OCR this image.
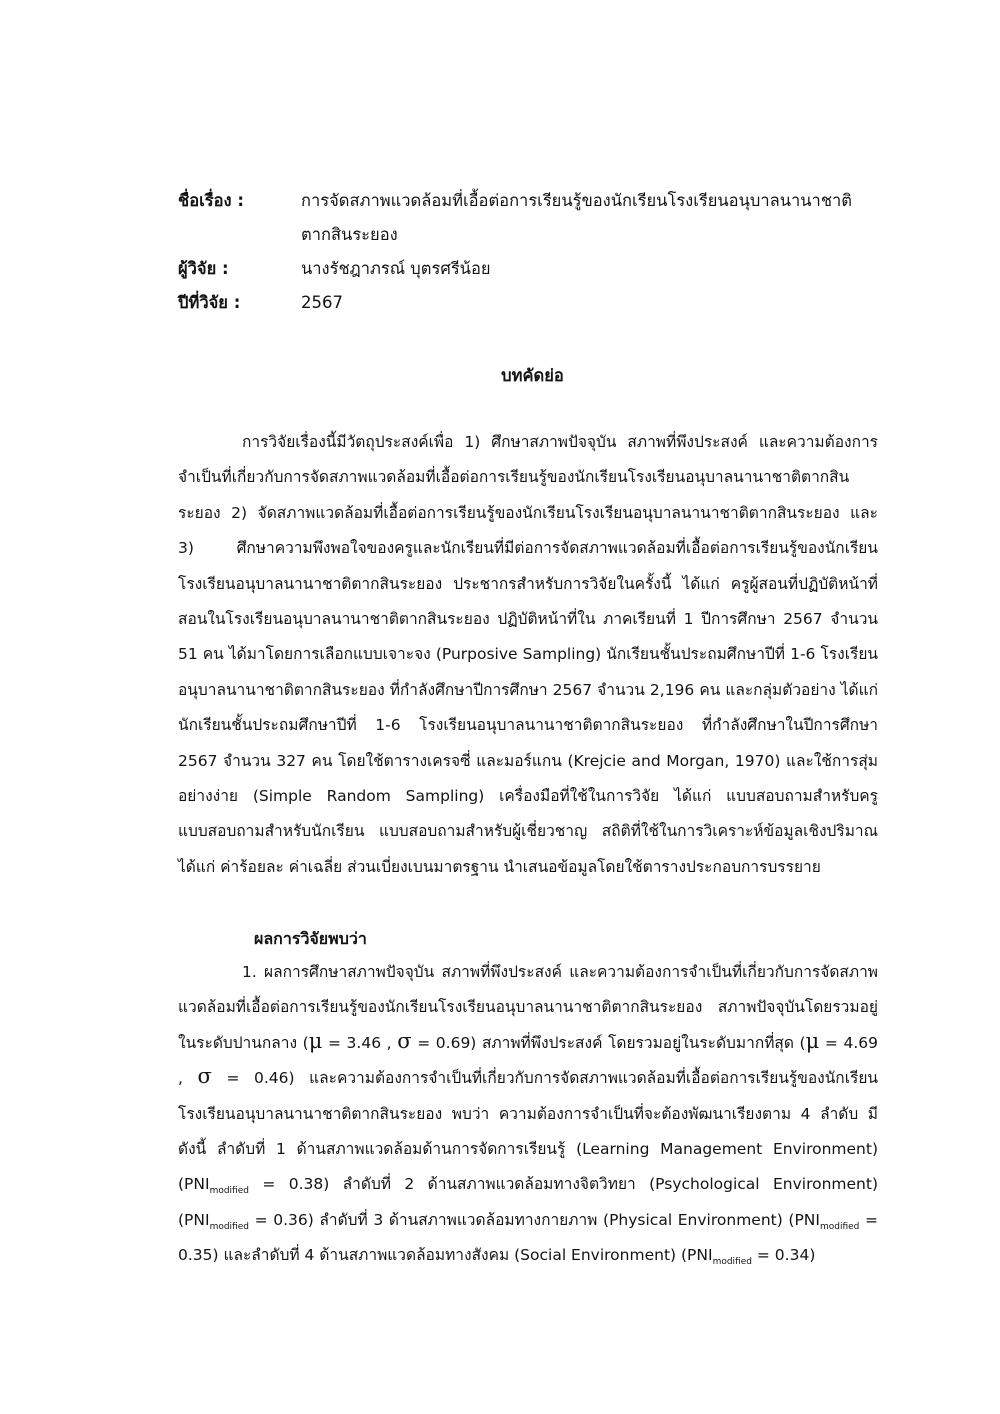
ชื่อเรื่อง :	การจัดสภาพแวดล้อมที่เอื้อต่อการเรียนรู้ของนักเรียนโรงเรียนอนุบาลนานาชาติ
ตากสินระยอง
ผู้วิจัย :	นางรัชฎาภรณ์ บุตรศรีน้อย
ปีที่วิจัย :	2567
บทคัดย่อ

การวิจัยเรื่องนี้มีวัตถุประสงค์เพื่อ 1) ศึกษาสภาพปัจจุบัน สภาพที่พึงประสงค์ และความต้องการจำเป็นที่เกี่ยวกับการจัดสภาพแวดล้อมที่เอื้อต่อการเรียนรู้ของนักเรียนโรงเรียนอนุบาลนานาชาติตากสินระยอง 2) จัดสภาพแวดล้อมที่เอื้อต่อการเรียนรู้ของนักเรียนโรงเรียนอนุบาลนานาชาติตากสินระยอง และ 3) ศึกษาความพึงพอใจของครูและนักเรียนที่มีต่อการจัดสภาพแวดล้อมที่เอื้อต่อการเรียนรู้ของนักเรียนโรงเรียนอนุบาลนานาชาติตากสินระยอง ประชากรสำหรับการวิจัยในครั้งนี้ ได้แก่ ครูผู้สอนที่ปฏิบัติหน้าที่สอนในโรงเรียนอนุบาลนานาชาติตากสินระยอง ปฏิบัติหน้าที่ใน ภาคเรียนที่ 1 ปีการศึกษา 2567 จำนวน 51 คน ได้มาโดยการเลือกแบบเจาะจง (Purposive Sampling) นักเรียนชั้นประถมศึกษาปีที่ 1-6 โรงเรียนอนุบาลนานาชาติตากสินระยอง ที่กำลังศึกษาปีการศึกษา 2567 จำนวน 2,196 คน และกลุ่มตัวอย่าง ได้แก่ นักเรียนชั้นประถมศึกษาปีที่ 1-6 โรงเรียนอนุบาลนานาชาติตากสินระยอง ที่กำลังศึกษาในปีการศึกษา 2567 จำนวน 327 คน โดยใช้ตารางเครจซี่ และมอร์แกน (Krejcie and Morgan, 1970) และใช้การสุ่มอย่างง่าย (Simple Random Sampling) เครื่องมือที่ใช้ในการวิจัย ได้แก่ แบบสอบถามสำหรับครู แบบสอบถามสำหรับนักเรียน แบบสอบถามสำหรับผู้เชี่ยวชาญ สถิติที่ใช้ในการวิเคราะห์ข้อมูลเชิงปริมาณ ได้แก่ ค่าร้อยละ ค่าเฉลี่ย ส่วนเบี่ยงเบนมาตรฐาน นำเสนอข้อมูลโดยใช้ตารางประกอบการบรรยาย

ผลการวิจัยพบว่า

1. ผลการศึกษาสภาพปัจจุบัน สภาพที่พึงประสงค์ และความต้องการจำเป็นที่เกี่ยวกับการจัดสภาพแวดล้อมที่เอื้อต่อการเรียนรู้ของนักเรียนโรงเรียนอนุบาลนานาชาติตากสินระยอง สภาพปัจจุบันโดยรวมอยู่ในระดับปานกลาง (μ = 3.46 , σ = 0.69) สภาพที่พึงประสงค์ โดยรวมอยู่ในระดับมากที่สุด (μ = 4.69 , σ = 0.46) และความต้องการจำเป็นที่เกี่ยวกับการจัดสภาพแวดล้อมที่เอื้อต่อการเรียนรู้ของนักเรียนโรงเรียนอนุบาลนานาชาติตากสินระยอง พบว่า ความต้องการจำเป็นที่จะต้องพัฒนาเรียงตาม 4 ลำดับ มีดังนี้ ลำดับที่ 1 ด้านสภาพแวดล้อมด้านการจัดการเรียนรู้ (Learning Management Environment) $(PNI_{modified} = 0.38)$ ลำดับที่ 2 ด้านสภาพแวดล้อมทางจิตวิทยา (Psychological Environment) $(PNI_{modified} = 0.36)$ ลำดับที่ 3 ด้านสภาพแวดล้อมทางกายภาพ (Physical Environment) $(PNI_{modified} = 0.35)$ และลำดับที่ 4 ด้านสภาพแวดล้อมทางสังคม (Social Environment) $(PNI_{modified} = 0.34)$
